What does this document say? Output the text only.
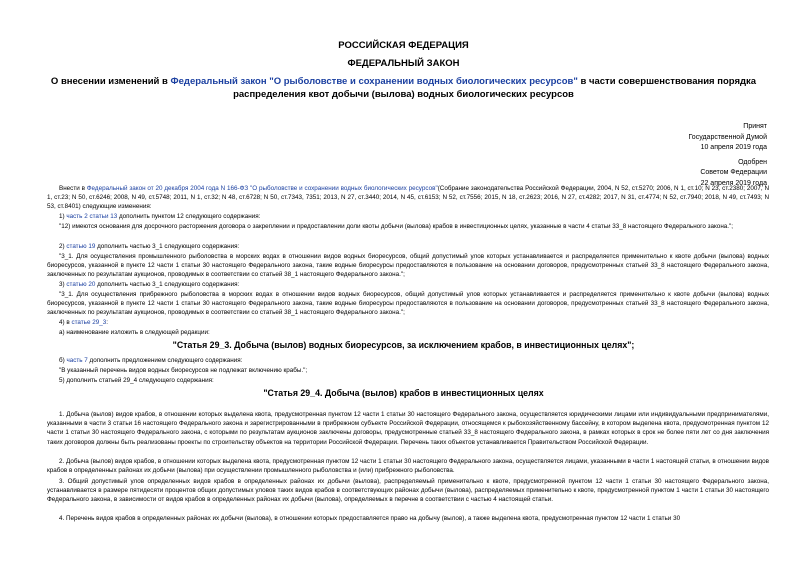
РОССИЙСКАЯ ФЕДЕРАЦИЯ
ФЕДЕРАЛЬНЫЙ ЗАКОН
О внесении изменений в Федеральный закон "О рыболовстве и сохранении водных биологических ресурсов" в части совершенствования порядка распределения квот добычи (вылова) водных биологических ресурсов
Принят
Государственной Думой
10 апреля 2019 года
Одобрен
Советом Федерации
22 апреля 2019 года
Внести в Федеральный закон от 20 декабря 2004 года N 166-ФЗ "О рыболовстве и сохранении водных биологических ресурсов"(Собрание законодательства Российской Федерации, 2004, N 52, ст.5270; 2006, N 1, ст.10; N 23, ст.2380; 2007, N 1, ст.23; N 50, ст.6246; 2008, N 49, ст.5748; 2011, N 1, ст.32; N 48, ст.6728; N 50, ст.7343, 7351; 2013, N 27, ст.3440; 2014, N 45, ст.6153; N 52, ст.7556; 2015, N 18, ст.2623; 2016, N 27, ст.4282; 2017, N 31, ст.4774; N 52, ст.7940; 2018, N 49, ст.7493; N 53, ст.8401) следующие изменения:
1) часть 2 статьи 13 дополнить пунктом 12 следующего содержания:
"12) имеются основания для досрочного расторжения договора о закреплении и предоставлении доли квоты добычи (вылова) крабов в инвестиционных целях, указанные в части 4 статьи 33_8 настоящего Федерального закона.";
2) статью 19 дополнить частью 3_1 следующего содержания:
"3_1. Для осуществления промышленного рыболовства в морских водах в отношении видов водных биоресурсов, общий допустимый улов которых устанавливается и распределяется применительно к квоте добычи (вылова) водных биоресурсов, указанной в пункте 12 части 1 статьи 30 настоящего Федерального закона, такие водные биоресурсы предоставляются в пользование на основании договоров, предусмотренных статьей 33_8 настоящего Федерального закона, заключенных по результатам аукционов, проводимых в соответствии со статьей 38_1 настоящего Федерального закона.";
3) статью 20 дополнить частью 3_1 следующего содержания:
"3_1. Для осуществления прибрежного рыболовства в морских водах в отношении видов водных биоресурсов, общий допустимый улов которых устанавливается и распределяется применительно к квоте добычи (вылова) водных биоресурсов, указанной в пункте 12 части 1 статьи 30 настоящего Федерального закона, такие водные биоресурсы предоставляются в пользование на основании договоров, предусмотренных статьей 33_8 настоящего Федерального закона, заключенных по результатам аукционов, проводимых в соответствии со статьей 38_1 настоящего Федерального закона.";
4) в статье 29_3:
а) наименование изложить в следующей редакции:
"Статья 29_3. Добыча (вылов) водных биоресурсов, за исключением крабов, в инвестиционных целях";
б) часть 7 дополнить предложением следующего содержания:
"В указанный перечень видов водных биоресурсов не подлежат включению крабы.";
5) дополнить статьей 29_4 следующего содержания:
"Статья 29_4. Добыча (вылов) крабов в инвестиционных целях
1. Добыча (вылов) видов крабов, в отношении которых выделена квота, предусмотренная пунктом 12 части 1 статьи 30 настоящего Федерального закона, осуществляется юридическими лицами или индивидуальными предпринимателями, указанными в части 3 статьи 16 настоящего Федерального закона и зарегистрированными в прибрежном субъекте Российской Федерации, относящемся к рыбохозяйственному бассейну, в котором выделена квота, предусмотренная пунктом 12 части 1 статьи 30 настоящего Федерального закона, с которыми по результатам аукционов заключены договоры, предусмотренные статьей 33_8 настоящего Федерального закона, в рамках которых в срок не более пяти лет со дня заключения таких договоров должны быть реализованы проекты по строительству объектов на территории Российской Федерации. Перечень таких объектов устанавливается Правительством Российской Федерации.
2. Добыча (вылов) видов крабов, в отношении которых выделена квота, предусмотренная пунктом 12 части 1 статьи 30 настоящего Федерального закона, осуществляется лицами, указанными в части 1 настоящей статьи, в отношении видов крабов в определенных районах их добычи (вылова) при осуществлении промышленного рыболовства и (или) прибрежного рыболовства.
3. Общий допустимый улов определенных видов крабов в определенных районах их добычи (вылова), распределяемый применительно к квоте, предусмотренной пунктом 12 части 1 статьи 30 настоящего Федерального закона, устанавливается в размере пятидесяти процентов общих допустимых уловов таких видов крабов в соответствующих районах добычи (вылова), распределяемых применительно к квоте, предусмотренной пунктом 1 части 1 статьи 30 настоящего Федерального закона, в зависимости от видов крабов в определенных районах их добычи (вылова), определяемых в перечне в соответствии с частью 4 настоящей статьи.
4. Перечень видов крабов в определенных районах их добычи (вылова), в отношении которых предоставляется право на добычу (вылов), а также выделена квота, предусмотренная пунктом 12 части 1 статьи 30
